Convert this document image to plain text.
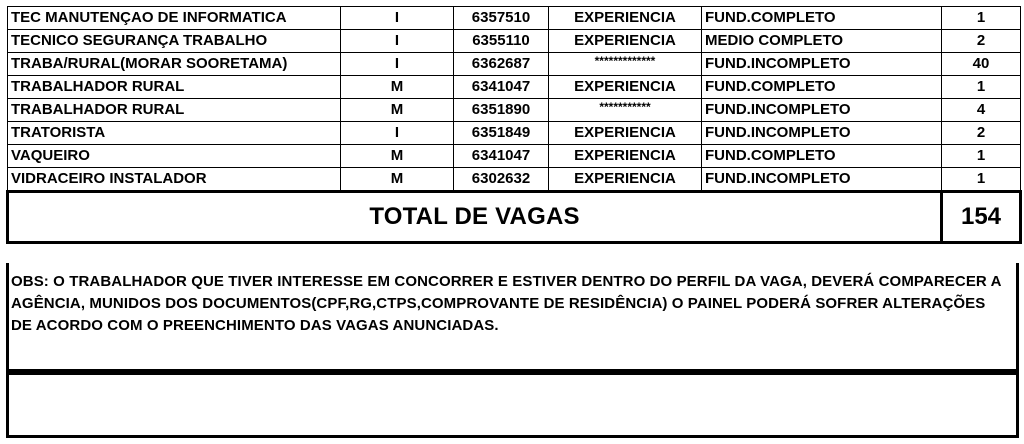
TEC MANUTENÇAO DE INFORMATICA	I	6357510	EXPERIENCIA	FUND.COMPLETO	1
TECNICO SEGURANÇA TRABALHO	I	6355110	EXPERIENCIA	MEDIO COMPLETO	2
TRABA/RURAL(MORAR SOORETAMA)	I	6362687	*************	FUND.INCOMPLETO	40
TRABALHADOR RURAL	M	6341047	EXPERIENCIA	FUND.COMPLETO	1
TRABALHADOR RURAL	M	6351890	***********	FUND.INCOMPLETO	4
TRATORISTA	I	6351849	EXPERIENCIA	FUND.INCOMPLETO	2
VAQUEIRO	M	6341047	EXPERIENCIA	FUND.COMPLETO	1
VIDRACEIRO INSTALADOR	M	6302632	EXPERIENCIA	FUND.INCOMPLETO	1
TOTAL DE VAGAS					154

OBS: O TRABALHADOR QUE TIVER INTERESSE EM CONCORRER E ESTIVER DENTRO DO PERFIL DA VAGA, DEVERÁ COMPARECER A AGÊNCIA, MUNIDOS DOS DOCUMENTOS(CPF,RG,CTPS,COMPROVANTE DE RESIDÊNCIA) O PAINEL PODERÁ SOFRER ALTERAÇÕES DE ACORDO COM O PREENCHIMENTO DAS VAGAS ANUNCIADAS.
